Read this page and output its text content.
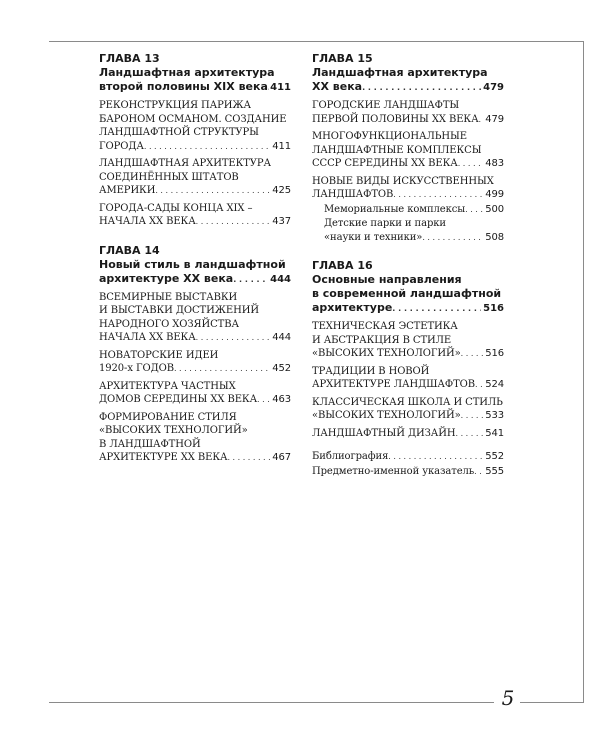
5
ГЛАВА 13
Ландшафтная архитектура
второй половины XIX века . . . 411
РЕКОНСТРУКЦИЯ ПАРИЖА
БАРОНОМ ОСМАНОМ. СОЗДАНИЕ
ЛАНДШАФТНОЙ СТРУКТУРЫ
ГОРОДА . . .	411
ЛАНДШАФТНАЯ АРХИТЕКТУРА
СОЕДИНЁННЫХ ШТАТОВ
АМЕРИКИ . . .	425
ГОРОДА-САДЫ КОНЦА XIX –
НАЧАЛА XX ВЕКА . . .	437
ГЛАВА 14
Новый стиль в ландшафтной
архитектуре XX века . . .	444
ВСЕМИРНЫЕ ВЫСТАВКИ
И ВЫСТАВКИ ДОСТИЖЕНИЙ
НАРОДНОГО ХОЗЯЙСТВА
НАЧАЛА XX ВЕКА . . .	444
НОВАТОРСКИЕ ИДЕИ
1920-х ГОДОВ . . .	452
АРХИТЕКТУРА ЧАСТНЫХ
ДОМОВ СЕРЕДИНЫ XX ВЕКА . . . 463
ФОРМИРОВАНИЕ СТИЛЯ
«ВЫСОКИХ ТЕХНОЛОГИЙ»
В ЛАНДШАФТНОЙ
АРХИТЕКТУРЕ XX ВЕКА . . .	467
ГЛАВА 15
Ландшафтная архитектура
XX века . . .	479
ГОРОДСКИЕ ЛАНДШАФТЫ
ПЕРВОЙ ПОЛОВИНЫ XX ВЕКА . . . 479
МНОГОФУНКЦИОНАЛЬНЫЕ
ЛАНДШАФТНЫЕ КОМПЛЕКСЫ
СССР СЕРЕДИНЫ XX ВЕКА . . .	483
НОВЫЕ ВИДЫ ИСКУССТВЕННЫХ
ЛАНДШАФТОВ . . .	499
Мемориальные комплексы . . . 500
Детские парки и парки
«науки и техники» . . .	508
ГЛАВА 16
Основные направления
в современной ландшафтной
архитектуре . . .	516
ТЕХНИЧЕСКАЯ ЭСТЕТИКА
И АБСТРАКЦИЯ В СТИЛЕ
«ВЫСОКИХ ТЕХНОЛОГИЙ» . . . 516
ТРАДИЦИИ В НОВОЙ
АРХИТЕКТУРЕ ЛАНДШАФТОВ . . . 524
КЛАССИЧЕСКАЯ ШКОЛА И СТИЛЬ
«ВЫСОКИХ ТЕХНОЛОГИЙ» . . . 533
ЛАНДШАФТНЫЙ ДИЗАЙН . . .	541
Библиография . . .	552
Предметно-именной указатель . . . 555
